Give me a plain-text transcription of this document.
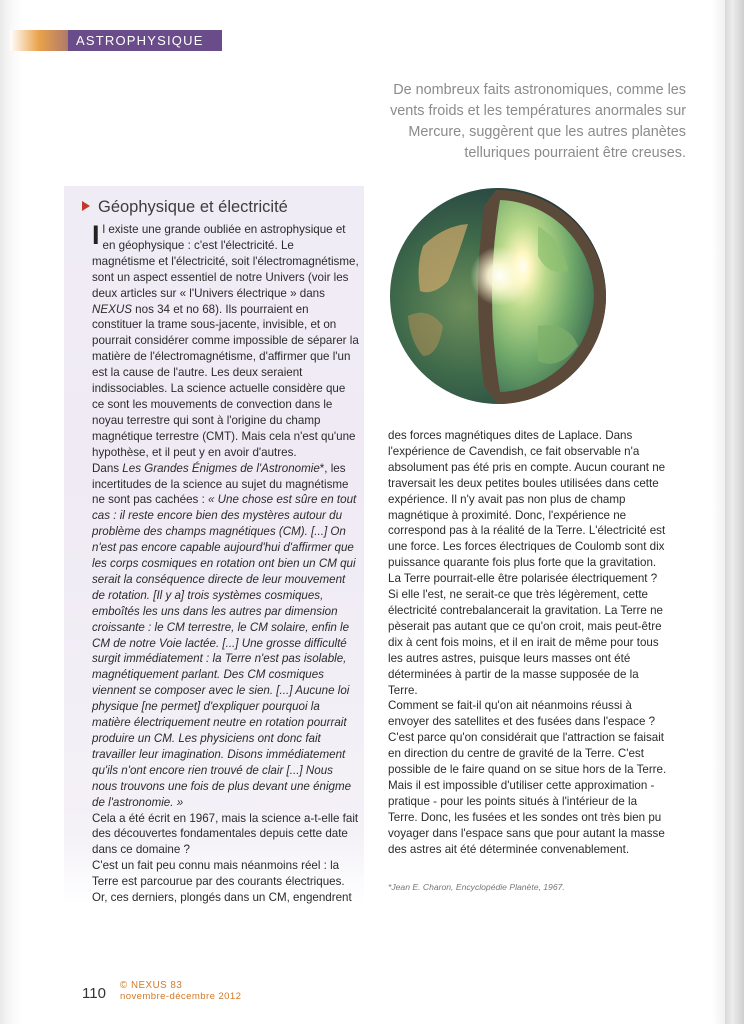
ASTROPHYSIQUE
De nombreux faits astronomiques, comme les vents froids et les températures anormales sur Mercure, suggèrent que les autres planètes telluriques pourraient être creuses.
Géophysique et électricité

Il existe une grande oubliée en astrophysique et en géophysique : c'est l'électricité. Le magnétisme et l'électricité, soit l'électromagnétisme, sont un aspect essentiel de notre Univers (voir les deux articles sur « l'Univers électrique » dans NEXUS nos 34 et no 68). Ils pourraient en constituer la trame sous-jacente, invisible, et on pourrait considérer comme impossible de séparer la matière de l'électromagnétisme, d'affirmer que l'un est la cause de l'autre. Les deux seraient indissociables. La science actuelle considère que ce sont les mouvements de convection dans le noyau terrestre qui sont à l'origine du champ magnétique terrestre (CMT). Mais cela n'est qu'une hypothèse, et il peut y en avoir d'autres.

Dans Les Grandes Énigmes de l'Astronomie*, les incertitudes de la science au sujet du magnétisme ne sont pas cachées : « Une chose est sûre en tout cas : il reste encore bien des mystères autour du problème des champs magnétiques (CM). [...] On n'est pas encore capable aujourd'hui d'affirmer que les corps cosmiques en rotation ont bien un CM qui serait la conséquence directe de leur mouvement de rotation. [Il y a] trois systèmes cosmiques, emboîtés les uns dans les autres par dimension croissante : le CM terrestre, le CM solaire, enfin le CM de notre Voie lactée. [...] Une grosse difficulté surgit immédiatement : la Terre n'est pas isolable, magnétiquement parlant. Des CM cosmiques viennent se composer avec le sien. [...] Aucune loi physique [ne permet] d'expliquer pourquoi la matière électriquement neutre en rotation pourrait produire un CM. Les physiciens ont donc fait travailler leur imagination. Disons immédiatement qu'ils n'ont encore rien trouvé de clair [...] Nous nous trouvons une fois de plus devant une énigme de l'astronomie. »

Cela a été écrit en 1967, mais la science a-t-elle fait des découvertes fondamentales depuis cette date dans ce domaine ?

C'est un fait peu connu mais néanmoins réel : la Terre est parcourue par des courants électriques. Or, ces derniers, plongés dans un CM, engendrent

des forces magnétiques dites de Laplace. Dans l'expérience de Cavendish, ce fait observable n'a absolument pas été pris en compte. Aucun courant ne traversait les deux petites boules utilisées dans cette expérience. Il n'y avait pas non plus de champ magnétique à proximité. Donc, l'expérience ne correspond pas à la réalité de la Terre. L'électricité est une force. Les forces électriques de Coulomb sont dix puissance quarante fois plus forte que la gravitation. La Terre pourrait-elle être polarisée électriquement ? Si elle l'est, ne serait-ce que très légèrement, cette électricité contrebalancerait la gravitation. La Terre ne pèserait pas autant que ce qu'on croit, mais peut-être dix à cent fois moins, et il en irait de même pour tous les autres astres, puisque leurs masses ont été déterminées à partir de la masse supposée de la Terre.

Comment se fait-il qu'on ait néanmoins réussi à envoyer des satellites et des fusées dans l'espace ? C'est parce qu'on considérait que l'attraction se faisait en direction du centre de gravité de la Terre. C'est possible de le faire quand on se situe hors de la Terre. Mais il est impossible d'utiliser cette approximation - pratique - pour les points situés à l'intérieur de la Terre. Donc, les fusées et les sondes ont très bien pu voyager dans l'espace sans que pour autant la masse des astres ait été déterminée convenablement.

*Jean E. Charon, Encyclopédie Planète, 1967.
110 © NEXUS 83
novembre-décembre 2012
